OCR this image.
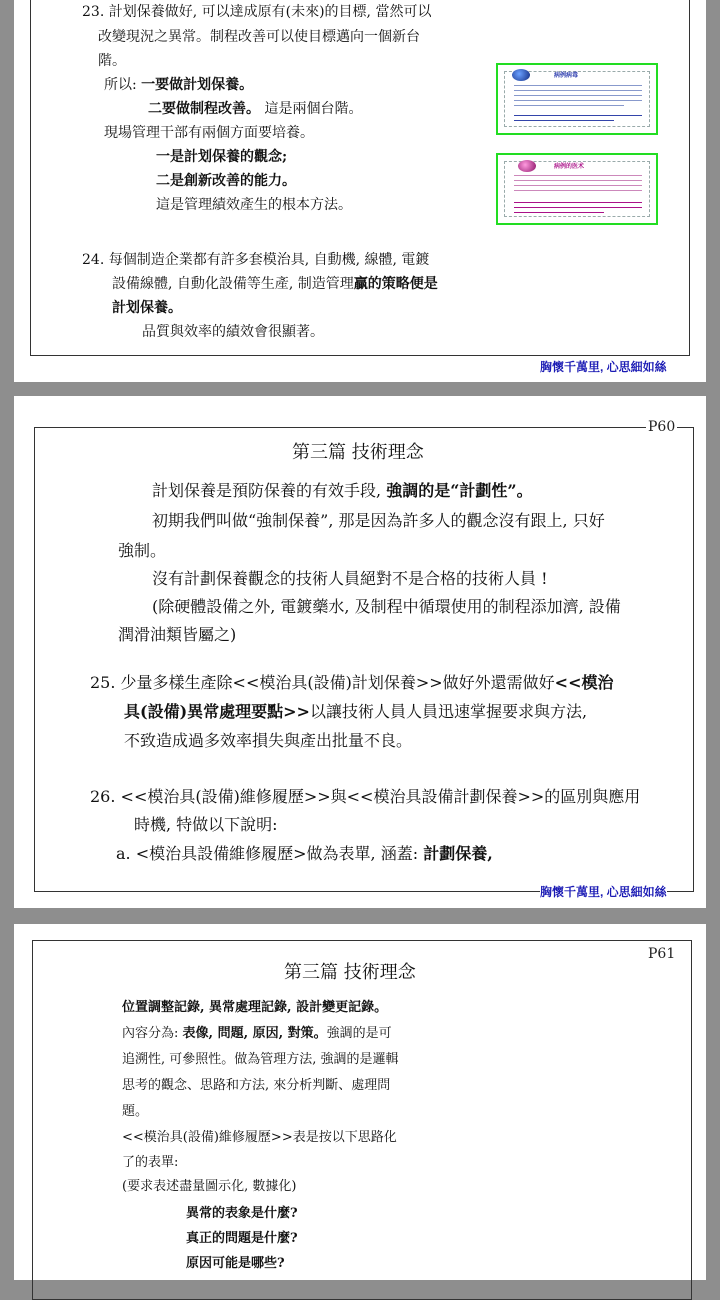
23. 計划保養做好, 可以達成原有(未來)的目標, 當然可以
改變現況之異常。制程改善可以使目標邁向一個新台
階。
所以: 一要做計划保養。
二要做制程改善。 這是兩個台階。
現場管理干部有兩個方面要培養。
一是計划保養的觀念;
二是創新改善的能力。
這是管理績效產生的根本方法。
24. 每個制造企業都有許多套模治具, 自動機, 線體, 電鍍
設備線體, 自動化設備等生產, 制造管理贏的策略便是
計划保養。
品質與效率的績效會很顯著。
病例病毒
病例的医术
胸懷千萬里, 心思細如絲
P60
第三篇 技術理念
計划保養是預防保養的有效手段, 強調的是“計劃性”。
初期我們叫做“強制保養”, 那是因為許多人的觀念沒有跟上, 只好
強制。
沒有計劃保養觀念的技術人員絕對不是合格的技術人員 !
(除硬體設備之外, 電鍍藥水, 及制程中循環使用的制程添加濟, 設備
潤滑油類皆屬之)
25. 少量多樣生產除<<模治具(設備)計划保養>>做好外還需做好<<模治
具(設備)異常處理要點>>以讓技術人員人員迅速掌握要求與方法,
不致造成過多效率損失與產出批量不良。
26. <<模治具(設備)維修履歷>>與<<模治具設備計劃保養>>的區別與應用
時機, 特做以下說明:
a. <模治具設備維修履歷>做為表單, 涵蓋: 計劃保養,
胸懷千萬里, 心思細如絲
P61
第三篇 技術理念
位置調整記錄, 異常處理記錄, 設計變更記錄。
內容分為: 表像, 問題, 原因, 對策。強調的是可
追溯性, 可參照性。做為管理方法, 強調的是邏輯
思考的觀念、思路和方法, 來分析判斷、處理問
題。
<<模治具(設備)維修履歷>>表是按以下思路化
了的表單:
(要求表述盡量圖示化, 數據化)
異常的表象是什麼?
真正的問題是什麼?
原因可能是哪些?
